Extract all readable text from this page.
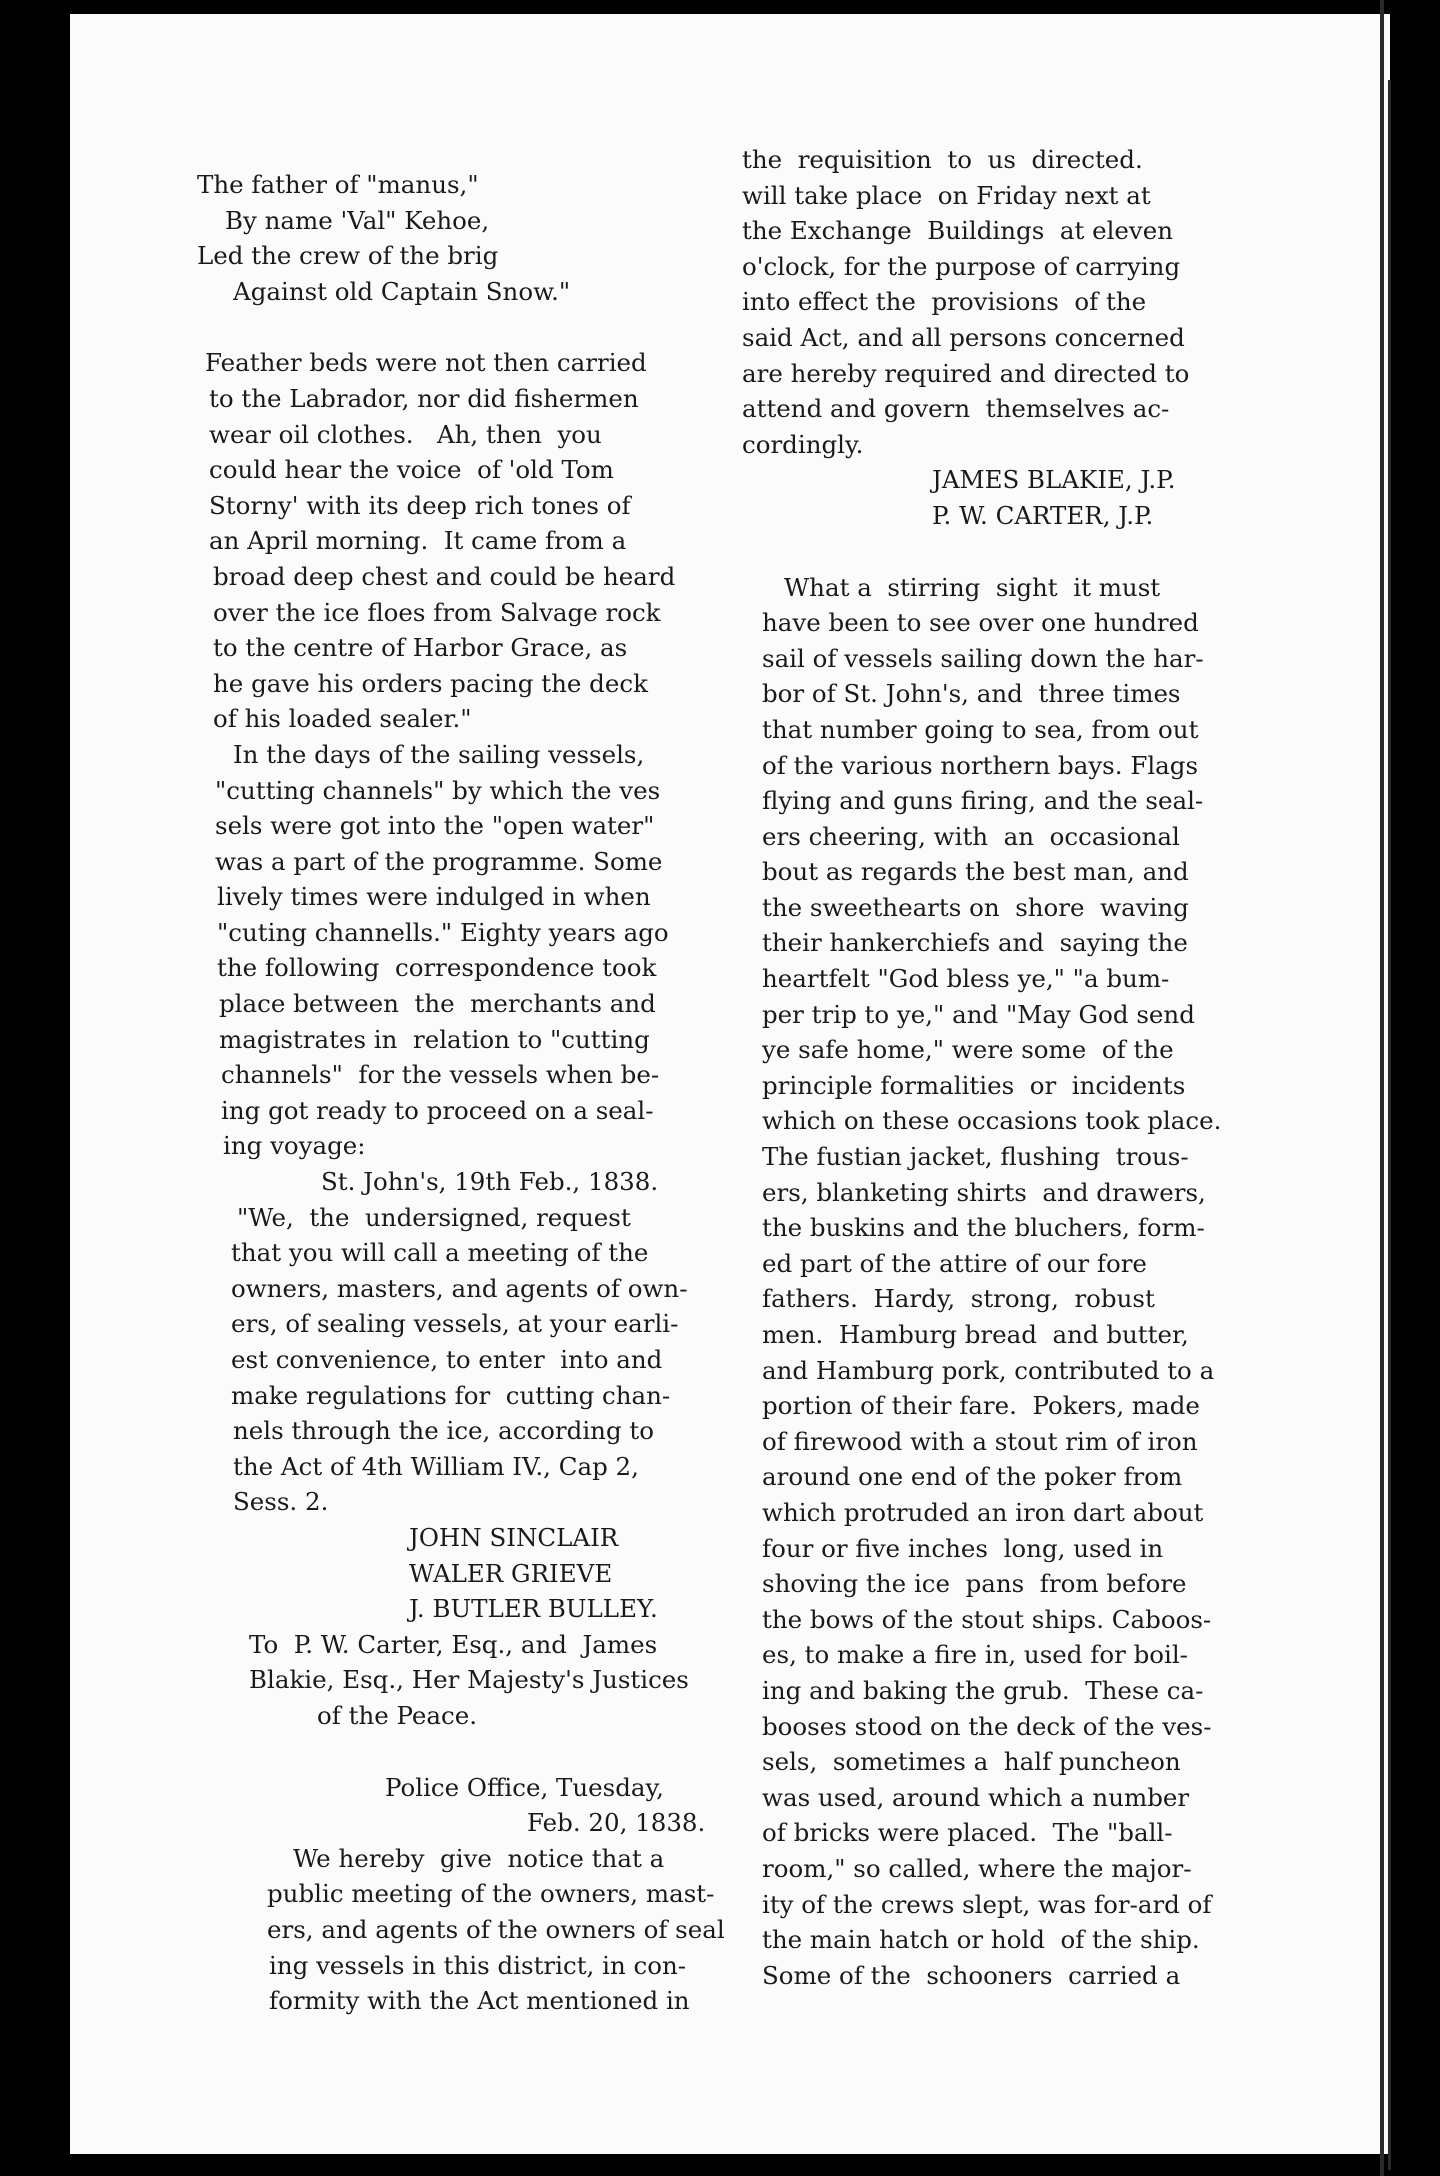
The father of "manus,"

By name 'Val" Kehoe,

Led the crew of the brig

Against old Captain Snow."

Feather beds were not then carried

to the Labrador, nor did fishermen

wear oil clothes.   Ah, then  you

could hear the voice  of 'old Tom

Storny' with its deep rich tones of

an April morning.  It came from a

broad deep chest and could be heard

over the ice floes from Salvage rock

to the centre of Harbor Grace, as

he gave his orders pacing the deck

of his loaded sealer."

In the days of the sailing vessels,

"cutting channels" by which the ves

sels were got into the "open water"

was a part of the programme. Some

lively times were indulged in when

"cuting channells." Eighty years ago

the following  correspondence took

place between  the  merchants and

magistrates in  relation to "cutting

channels"  for the vessels when be-

ing got ready to proceed on a seal-

ing voyage:

St. John's, 19th Feb., 1838.

"We,  the  undersigned, request

that you will call a meeting of the

owners, masters, and agents of own-

ers, of sealing vessels, at your earli-

est convenience, to enter  into and

make regulations for  cutting chan-

nels through the ice, according to

the Act of 4th William IV., Cap 2,

Sess. 2.

JOHN SINCLAIR

WALER GRIEVE

J. BUTLER BULLEY.

To  P. W. Carter, Esq., and  James

Blakie, Esq., Her Majesty's Justices

of the Peace.

Police Office, Tuesday,

Feb. 20, 1838.

We hereby  give  notice that a

public meeting of the owners, mast-

ers, and agents of the owners of seal

ing vessels in this district, in con-

formity with the Act mentioned in

the  requisition  to  us  directed.

will take place  on Friday next at

the Exchange  Buildings  at eleven

o'clock, for the purpose of carrying

into effect the  provisions  of the

said Act, and all persons concerned

are hereby required and directed to

attend and govern  themselves ac-

cordingly.

JAMES BLAKIE, J.P.

P. W. CARTER, J.P.

What a  stirring  sight  it must

have been to see over one hundred

sail of vessels sailing down the har-

bor of St. John's, and  three times

that number going to sea, from out

of the various northern bays. Flags

flying and guns firing, and the seal-

ers cheering, with  an  occasional

bout as regards the best man, and

the sweethearts on  shore  waving

their hankerchiefs and  saying the

heartfelt "God bless ye," "a bum-

per trip to ye," and "May God send

ye safe home," were some  of the

principle formalities  or  incidents

which on these occasions took place.

The fustian jacket, flushing  trous-

ers, blanketing shirts  and drawers,

the buskins and the bluchers, form-

ed part of the attire of our fore

fathers.  Hardy,  strong,  robust

men.  Hamburg bread  and butter,

and Hamburg pork, contributed to a

portion of their fare.  Pokers, made

of firewood with a stout rim of iron

around one end of the poker from

which protruded an iron dart about

four or five inches  long, used in

shoving the ice  pans  from before

the bows of the stout ships. Caboos-

es, to make a fire in, used for boil-

ing and baking the grub.  These ca-

booses stood on the deck of the ves-

sels,  sometimes a  half puncheon

was used, around which a number

of bricks were placed.  The "ball-

room," so called, where the major-

ity of the crews slept, was for-ard of

the main hatch or hold  of the ship.

Some of the  schooners  carried a
